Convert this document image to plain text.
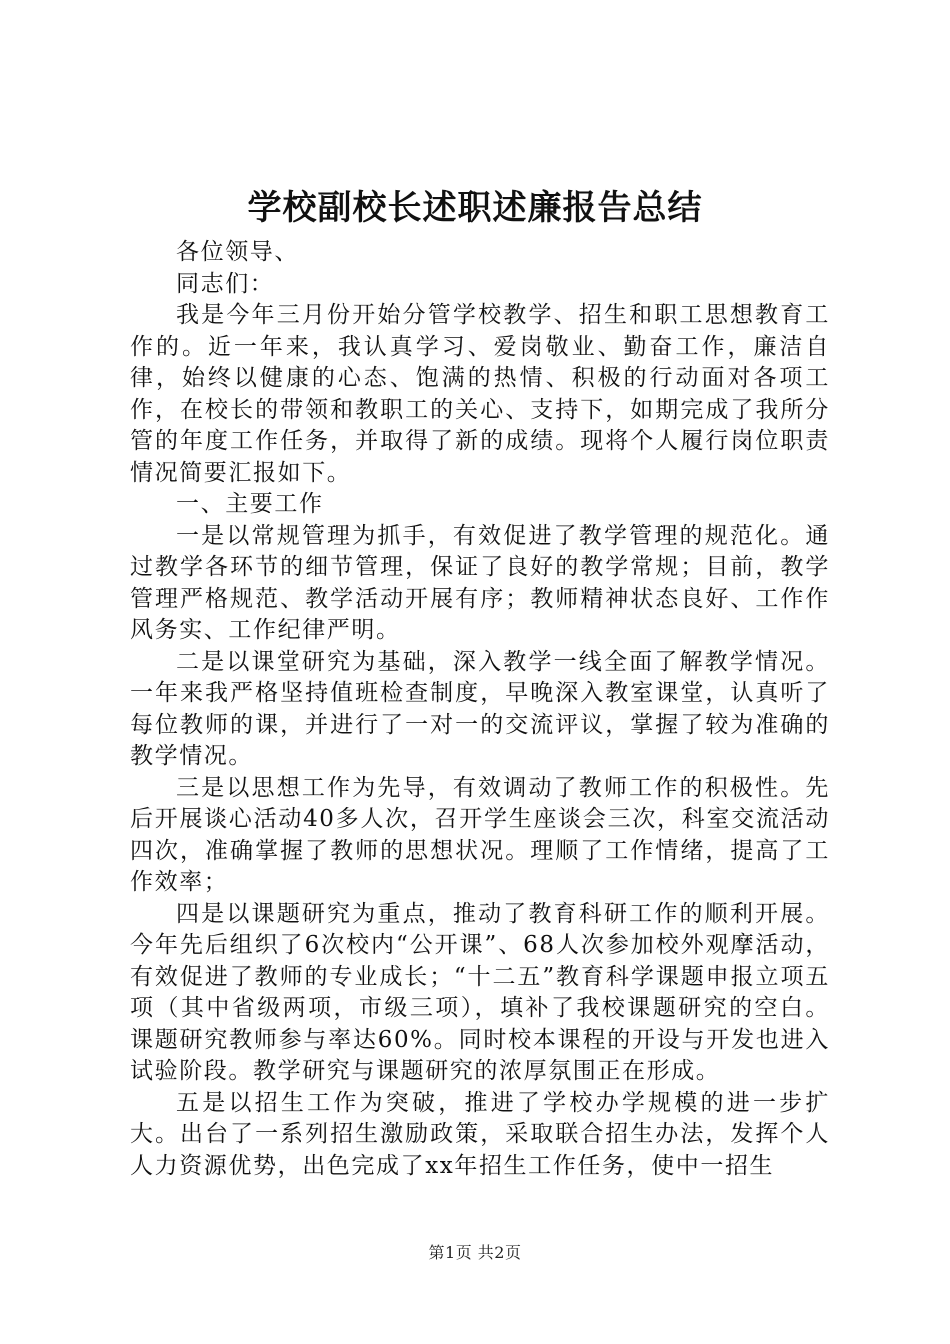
学校副校长述职述廉报告总结

各位领导、

同志们：

我是今年三月份开始分管学校教学、招生和职工思想教育工作的。近一年来，我认真学习、爱岗敬业、勤奋工作，廉洁自律，始终以健康的心态、饱满的热情、积极的行动面对各项工作，在校长的带领和教职工的关心、支持下，如期完成了我所分管的年度工作任务，并取得了新的成绩。现将个人履行岗位职责情况简要汇报如下。

一、主要工作

一是以常规管理为抓手，有效促进了教学管理的规范化。通过教学各环节的细节管理，保证了良好的教学常规；目前，教学管理严格规范、教学活动开展有序；教师精神状态良好、工作作风务实、工作纪律严明。

二是以课堂研究为基础，深入教学一线全面了解教学情况。一年来我严格坚持值班检查制度，早晚深入教室课堂，认真听了每位教师的课，并进行了一对一的交流评议，掌握了较为准确的教学情况。

三是以思想工作为先导，有效调动了教师工作的积极性。先后开展谈心活动40多人次，召开学生座谈会三次，科室交流活动四次，准确掌握了教师的思想状况。理顺了工作情绪，提高了工作效率；

四是以课题研究为重点，推动了教育科研工作的顺利开展。今年先后组织了6次校内“公开课”、68人次参加校外观摩活动，有效促进了教师的专业成长；“十二五”教育科学课题申报立项五项（其中省级两项，市级三项），填补了我校课题研究的空白。课题研究教师参与率达60%。同时校本课程的开设与开发也进入试验阶段。教学研究与课题研究的浓厚氛围正在形成。

五是以招生工作为突破，推进了学校办学规模的进一步扩大。出台了一系列招生激励政策，采取联合招生办法，发挥个人人力资源优势，出色完成了xx年招生工作任务，使中一招生

第1页 共2页
